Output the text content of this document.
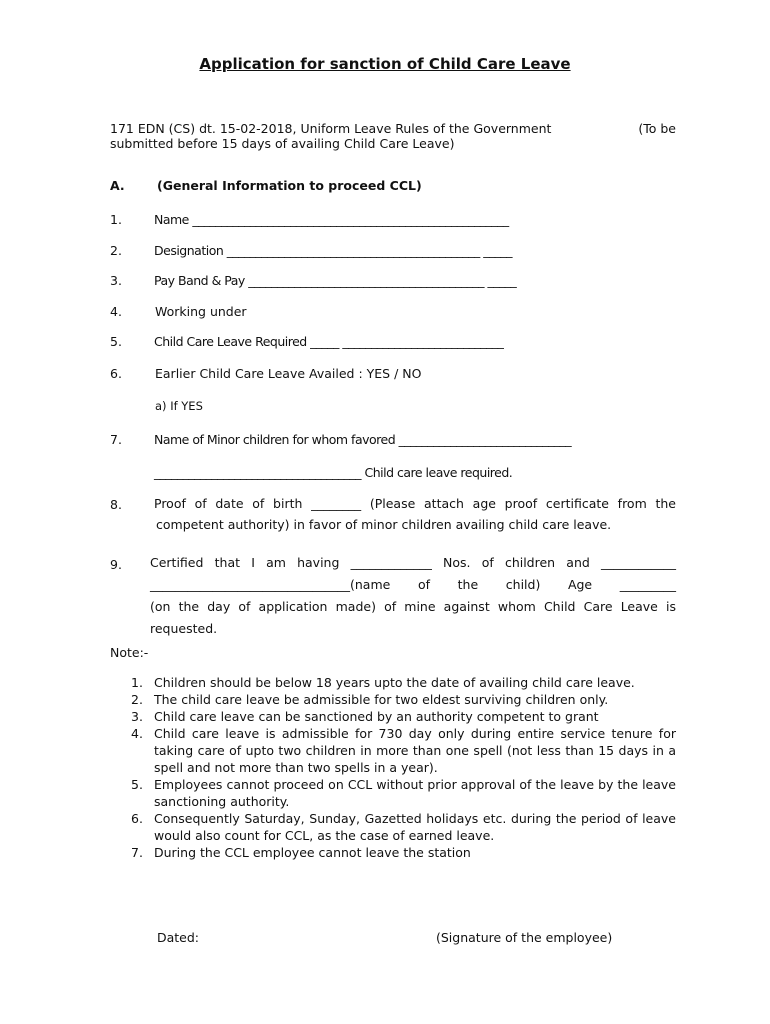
Application for sanction of Child Care Leave
171 EDN (CS) dt. 15-02-2018, Uniform Leave Rules of the Government	(To be
submitted before 15 days of availing Child Care Leave)
A.	(General Information to proceed CCL)
1.	Name _______________________________________________________
2.	Designation ____________________________________________ _____
3.	Pay Band & Pay _________________________________________ _____
4.	Working under
5.	Child Care Leave Required _____ ____________________________
6.	Earlier Child Care Leave Availed : YES / NO
a) If YES
7.	Name of Minor children for whom favored ______________________________
____________________________________ Child care leave required.
8.	Proof of date of birth ________ (Please attach age proof certificate from the
competent authority) in favor of minor children availing child care leave.
9. Certified that I am having _____________ Nos. of children and ____________
________________________________(name of the child) Age _________
(on the day of application made) of mine against whom Child Care Leave is
requested.
Note:-
1. Children should be below 18 years upto the date of availing child care leave.
2. The child care leave be admissible for two eldest surviving children only.
3. Child care leave can be sanctioned by an authority competent to grant
4. Child care leave is admissible for 730 day only during entire service tenure for taking care of upto two children in more than one spell (not less than 15 days in a spell and not more than two spells in a year).
5. Employees cannot proceed on CCL without prior approval of the leave by the leave sanctioning authority.
6. Consequently Saturday, Sunday, Gazetted holidays etc. during the period of leave would also count for CCL, as the case of earned leave.
7. During the CCL employee cannot leave the station
Dated:	(Signature of the employee)
